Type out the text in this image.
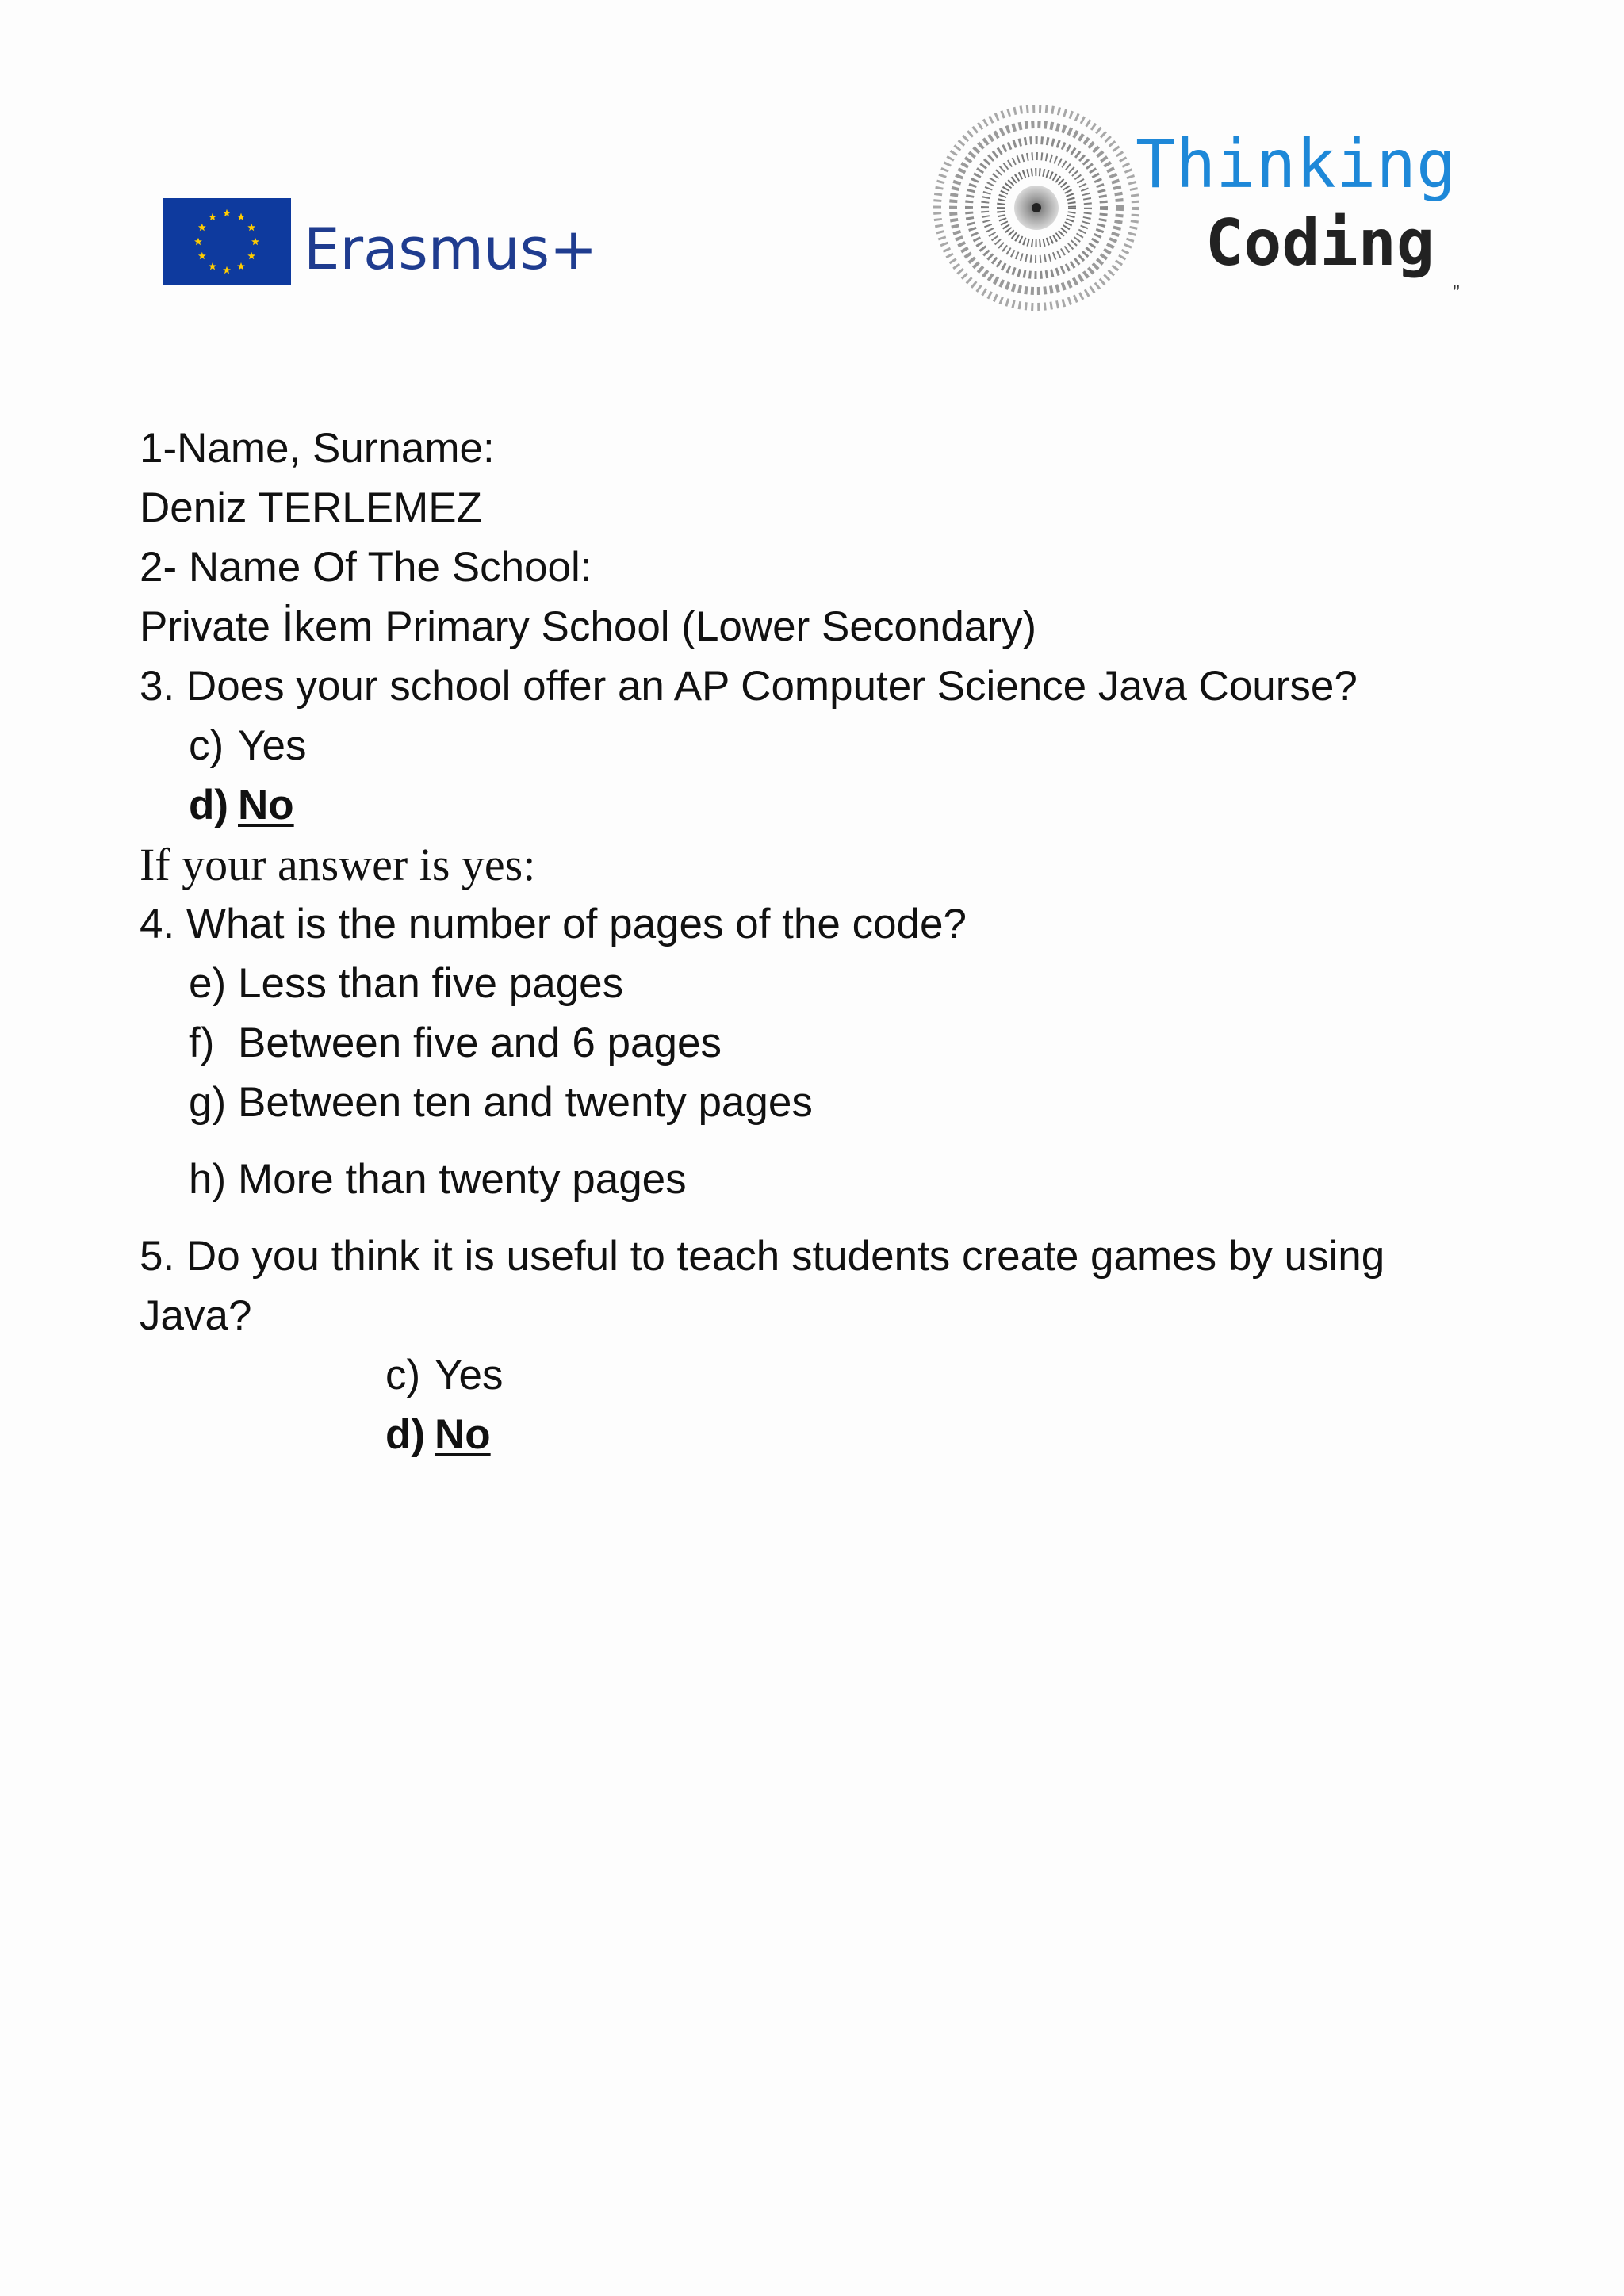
Erasmus+
Thinking
Coding
”
1-Name, Surname:
Deniz TERLEMEZ
2- Name Of The School:
Private İkem Primary School (Lower Secondary)
3. Does your school offer an AP Computer Science Java Course?
c) Yes
d) No
If your answer is yes:
4. What is the number of pages of the code?
e) Less than five pages
f) Between five and 6 pages
g) Between ten and twenty pages
h) More than twenty pages
5. Do you think it is useful to teach students create games by using Java?
c) Yes
d) No
